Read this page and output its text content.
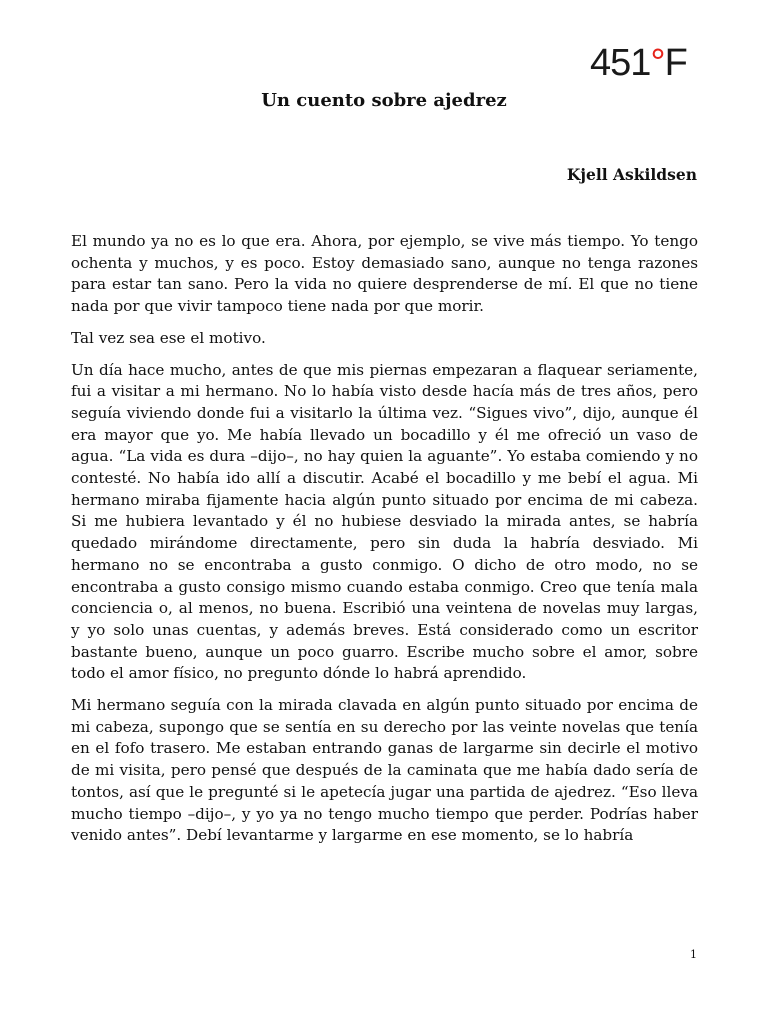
451°F
Un cuento sobre ajedrez
Kjell Askildsen

El mundo ya no es lo que era. Ahora, por ejemplo, se vive más tiempo. Yo tengo ochenta y muchos, y es poco. Estoy demasiado sano, aunque no tenga razones para estar tan sano. Pero la vida no quiere desprenderse de mí. El que no tiene nada por que vivir tampoco tiene nada por que morir.

Tal vez sea ese el motivo.

Un día hace mucho, antes de que mis piernas empezaran a flaquear seriamente, fui a visitar a mi hermano. No lo había visto desde hacía más de tres años, pero seguía viviendo donde fui a visitarlo la última vez. “Sigues vivo”, dijo, aunque él era mayor que yo. Me había llevado un bocadillo y él me ofreció un vaso de agua. “La vida es dura –dijo–, no hay quien la aguante”. Yo estaba comiendo y no contesté. No había ido allí a discutir. Acabé el bocadillo y me bebí el agua. Mi hermano miraba fijamente hacia algún punto situado por encima de mi cabeza. Si me hubiera levantado y él no hubiese desviado la mirada antes, se habría quedado mirándome directamente, pero sin duda la habría desviado. Mi hermano no se encontraba a gusto conmigo. O dicho de otro modo, no se encontraba a gusto consigo mismo cuando estaba conmigo. Creo que tenía mala conciencia o, al menos, no buena. Escribió una veintena de novelas muy largas, y yo solo unas cuentas, y además breves. Está considerado como un escritor bastante bueno, aunque un poco guarro. Escribe mucho sobre el amor, sobre todo el amor físico, no pregunto dónde lo habrá aprendido.

Mi hermano seguía con la mirada clavada en algún punto situado por encima de mi cabeza, supongo que se sentía en su derecho por las veinte novelas que tenía en el fofo trasero. Me estaban entrando ganas de largarme sin decirle el motivo de mi visita, pero pensé que después de la caminata que me había dado sería de tontos, así que le pregunté si le apetecía jugar una partida de ajedrez. “Eso lleva mucho tiempo –dijo–, y yo ya no tengo mucho tiempo que perder. Podrías haber venido antes”. Debí levantarme y largarme en ese momento, se lo habría

1
